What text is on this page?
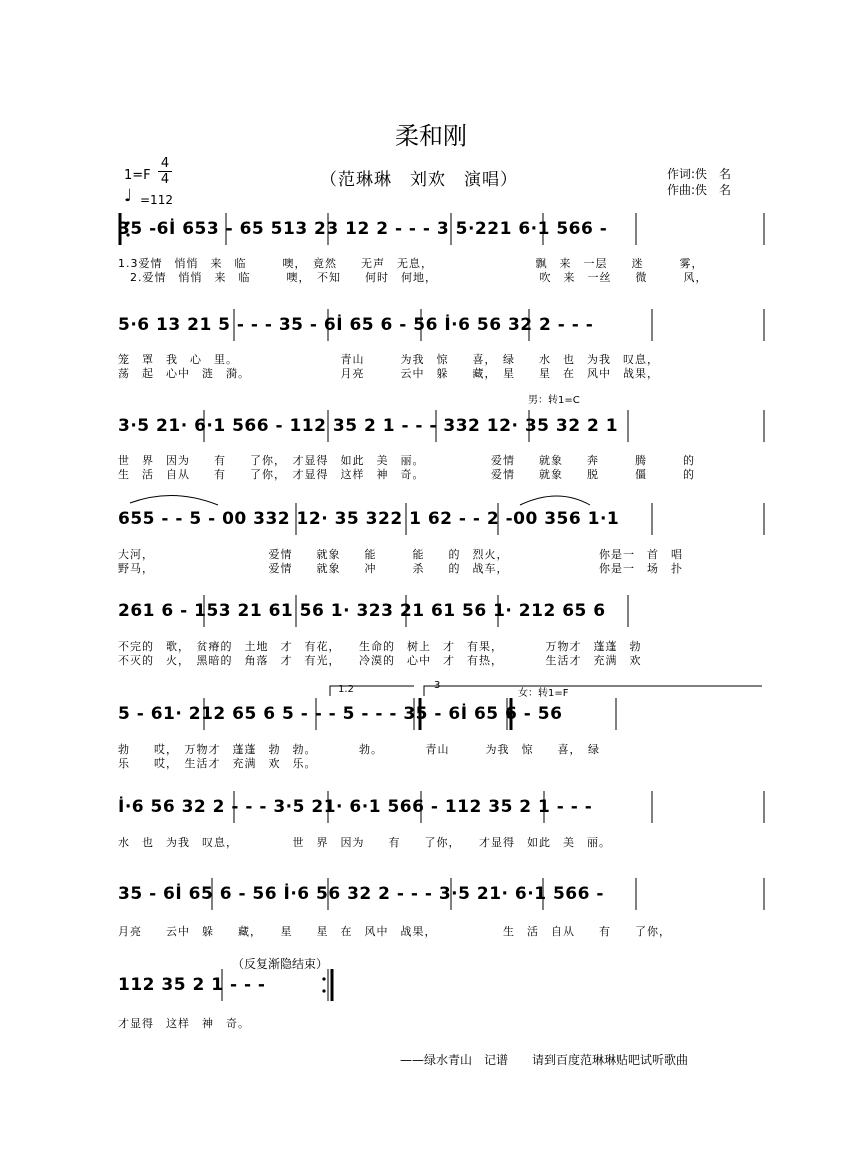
柔和刚
1=F
4
4
♩ =112
（范琳琳　刘欢　演唱）	作词:佚　名
作曲:佚　名
35 -6İ 653 - 65 513 23 12 2 - - - 3 5·221 6·1 566 -
1.3爱情　悄悄　来　临　　　噢，　竟然　　无声　无息，　　　　　　　　　飘　来　一层　　迷　　　雾，
　2.爱情　悄悄　来　临　　　噢，　不知　　何时　何地，　　　　　　　　　吹　来　一丝　　微　　　风，
5·6 13 21 5 - - - 35 - 6İ 65 6 - 56 İ·6 56 32 2 - - -
笼　罩　我　心　里。　　　　　　　　　青山　　　为我　惊　　喜，　绿　　水　也　为我　叹息，
荡　起　心中　涟　漪。　　　　　　　　月亮　　　云中　躲　　藏，　星　　星　在　风中　战果，
男：转1=C
3·5 21· 6·1 566 - 112 35 2 1 - - - 332 12· 35 32 2 1
世　界　因为　　有　　了你，　才显得　如此　美　丽。　　　　　　爱情　　就象　　奔　　　腾　　　的
生　活　自从　　有　　了你，　才显得　这样　神　奇。　　　　　　爱情　　就象　　脱　　　僵　　　的
655 - - 5 - 00 332 12· 35 322 1 62 - - 2 -00 356 1·1
大河，　　　　　　　　　　爱情　　就象　　能　　　能　　的　烈火，　　　　　　　　你是一　首　唱
野马，　　　　　　　　　　爱情　　就象　　冲　　　杀　　的　战车，　　　　　　　　你是一　场　扑
261 6 - 153 21 61 56 1· 323 21 61 56 1· 212 65 6
不完的　歌，　贫瘠的　土地　才　有花，　　生命的　树上　才　有果，　　　　万物才　蓬蓬　勃
不灭的　火，　黑暗的　角落　才　有光，　　冷漠的　心中　才　有热，　　　　生活才　充满　欢
1.2	3
女：转1=F
5 - 61· 212 65 6 5 - - - 5 - - - 35 - 6İ 65 6 - 56
勃　　哎，　万物才　蓬蓬　勃　勃。　　　　勃。　　　　青山　　　为我　惊　　喜，　绿
乐　　哎，　生活才　充满　欢　乐。
İ·6 56 32 2 - - - 3·5 21· 6·1 566 - 112 35 2 1 - - -
水　也　为我　叹息，　　　　　世　界　因为　　有　　了你，　　才显得　如此　美　丽。
35 - 6İ 65 6 - 56 İ·6 56 32 2 - - - 3·5 21· 6·1 566 -
月亮　　云中　躲　　藏，　　星　　星　在　风中　战果，　　　　　　生　活　自从　　有　　了你，
（反复渐隐结束）
112 35 2 1 - - -
才显得　这样　神　奇。
——绿水青山　记谱　　请到百度范琳琳贴吧试听歌曲
